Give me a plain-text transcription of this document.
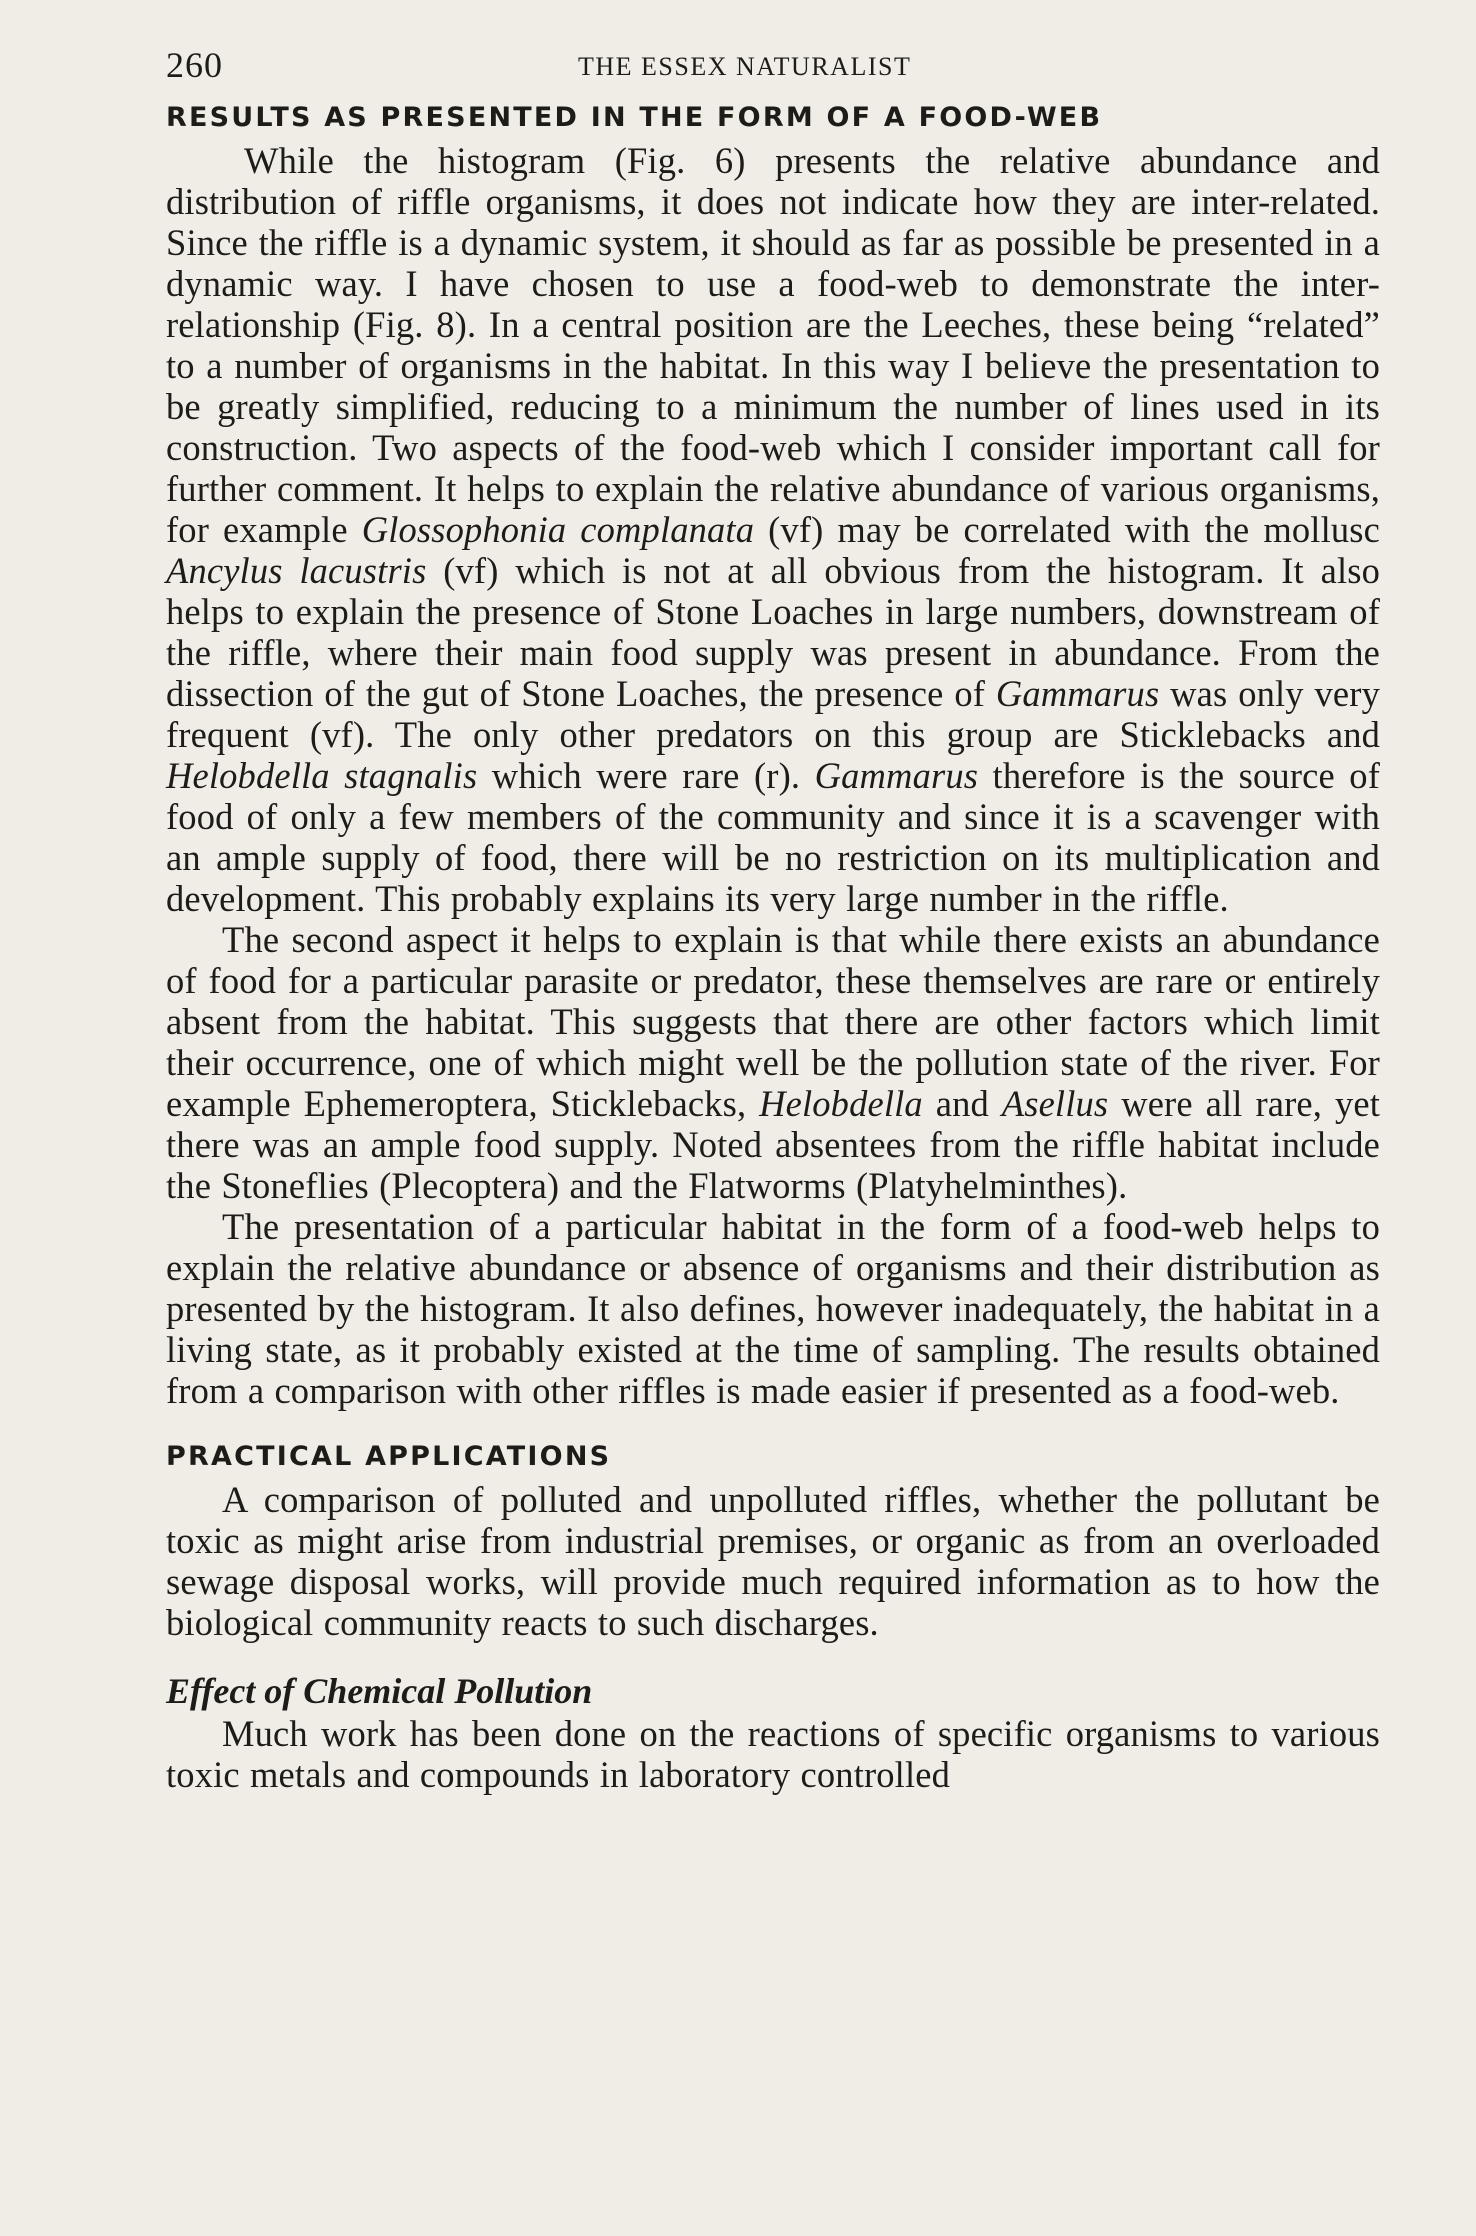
260	THE ESSEX NATURALIST
RESULTS AS PRESENTED IN THE FORM OF A FOOD-WEB

While the histogram (Fig. 6) presents the relative abundance and distribution of riffle organisms, it does not indicate how they are inter-related. Since the riffle is a dynamic system, it should as far as possible be presented in a dynamic way. I have chosen to use a food-web to demonstrate the inter-relationship (Fig. 8). In a central position are the Leeches, these being “related” to a number of organisms in the habitat. In this way I believe the presentation to be greatly simplified, reducing to a minimum the number of lines used in its construction. Two aspects of the food-web which I consider important call for further comment. It helps to explain the relative abundance of various organisms, for example Glossophonia complanata (vf) may be correlated with the mollusc Ancylus lacustris (vf) which is not at all obvious from the histogram. It also helps to explain the presence of Stone Loaches in large numbers, downstream of the riffle, where their main food supply was present in abundance. From the dissection of the gut of Stone Loaches, the presence of Gammarus was only very frequent (vf). The only other predators on this group are Sticklebacks and Helobdella stagnalis which were rare (r). Gammarus therefore is the source of food of only a few members of the community and since it is a scavenger with an ample supply of food, there will be no restriction on its multiplication and development. This probably explains its very large number in the riffle.

The second aspect it helps to explain is that while there exists an abundance of food for a particular parasite or predator, these themselves are rare or entirely absent from the habitat. This suggests that there are other factors which limit their occurrence, one of which might well be the pollution state of the river. For example Ephemeroptera, Sticklebacks, Helobdella and Asellus were all rare, yet there was an ample food supply. Noted absentees from the riffle habitat include the Stoneflies (Plecoptera) and the Flatworms (Platyhelminthes).

The presentation of a particular habitat in the form of a food-web helps to explain the relative abundance or absence of organisms and their distribution as presented by the histogram. It also defines, however inadequately, the habitat in a living state, as it probably existed at the time of sampling. The results obtained from a comparison with other riffles is made easier if presented as a food-web.

PRACTICAL APPLICATIONS

A comparison of polluted and unpolluted riffles, whether the pollutant be toxic as might arise from industrial premises, or organic as from an overloaded sewage disposal works, will provide much required information as to how the biological community reacts to such discharges.

Effect of Chemical Pollution

Much work has been done on the reactions of specific organisms to various toxic metals and compounds in laboratory controlled
